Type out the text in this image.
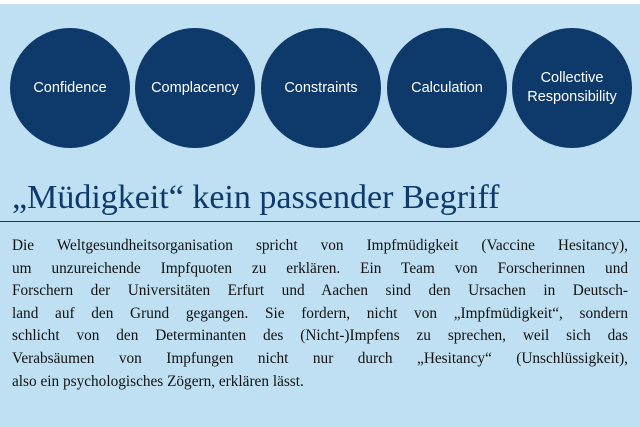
Confidence	Complacency	Constraints	Calculation
Collective Responsibility
„Müdigkeit“ kein passender Begriff
Die Weltgesundheitsorganisation spricht von Impfmüdigkeit (Vaccine Hesitancy),
um unzureichende Impfquoten zu erklären. Ein Team von Forscherinnen und
Forschern der Universitäten Erfurt und Aachen sind den Ursachen in Deutsch-
land auf den Grund gegangen. Sie fordern, nicht von „Impfmüdigkeit“, sondern
schlicht von den Determinanten des (Nicht-)Impfens zu sprechen, weil sich das
Verabsäumen von Impfungen nicht nur durch „Hesitancy“ (Unschlüssigkeit),
also ein psychologisches Zögern, erklären lässt.
